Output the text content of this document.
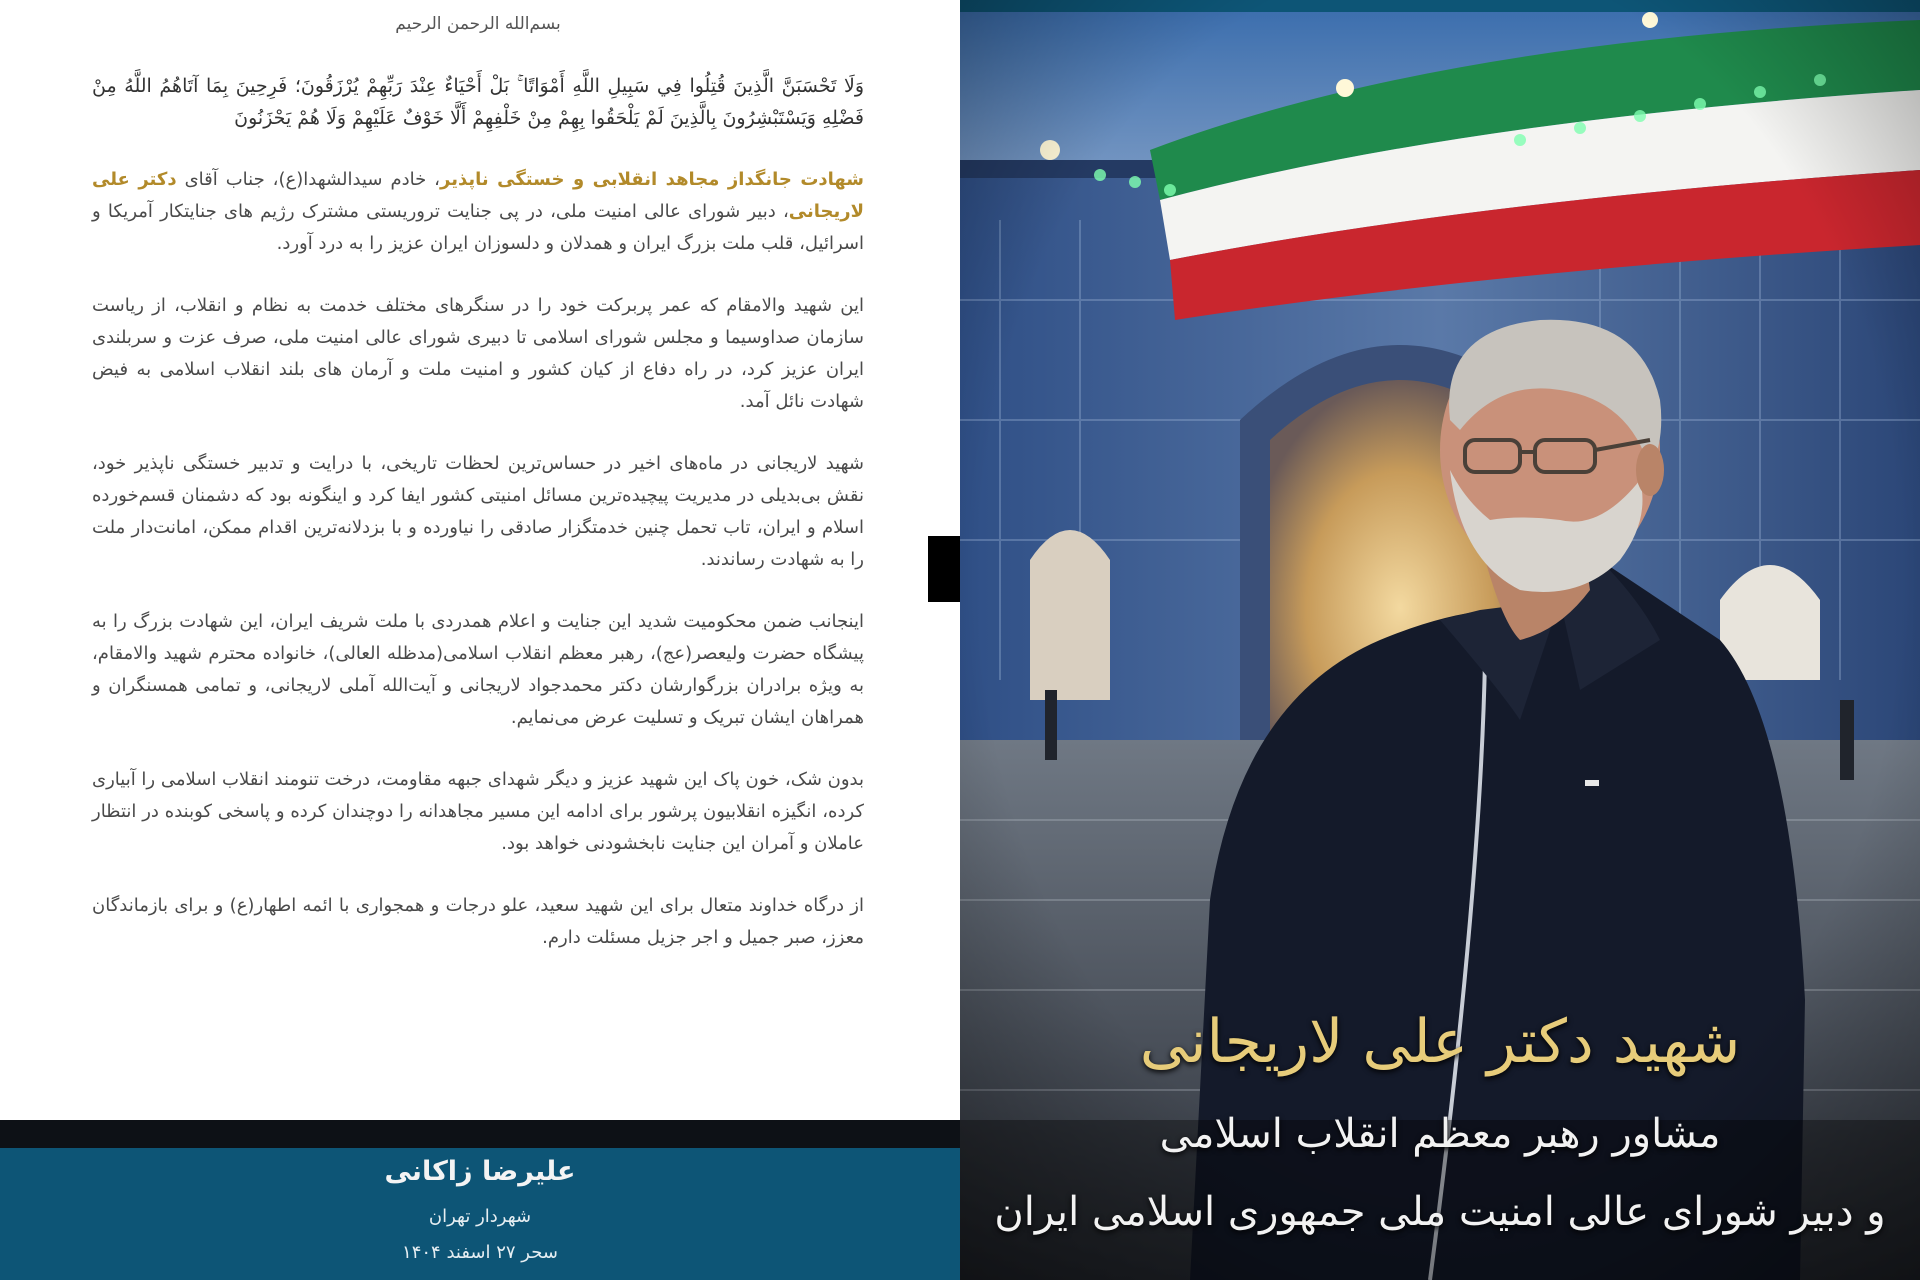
بسم‌الله الرحمن الرحیم

وَلَا تَحْسَبَنَّ الَّذِينَ قُتِلُوا فِي سَبِيلِ اللَّهِ أَمْوَاتًا ۚ بَلْ أَحْيَاءٌ عِنْدَ رَبِّهِمْ يُرْزَقُونَ؛ فَرِحِينَ بِمَا آتَاهُمُ اللَّهُ مِنْ فَضْلِهِ وَيَسْتَبْشِرُونَ بِالَّذِينَ لَمْ يَلْحَقُوا بِهِمْ مِنْ خَلْفِهِمْ أَلَّا خَوْفٌ عَلَيْهِمْ وَلَا هُمْ يَحْزَنُونَ

شهادت جانگداز مجاهد انقلابی و خستگی ناپذیر، خادم سیدالشهدا(ع)، جناب آقای دکتر علی لاریجانی، دبیر شورای عالی امنیت ملی، در پی جنایت تروریستی مشترک رژیم های جنایتکار آمریکا و اسرائیل، قلب ملت بزرگ ایران و همدلان و دلسوزان ایران عزیز را به درد آورد.

این شهید والامقام که عمر پربرکت خود را در سنگرهای مختلف خدمت به نظام و انقلاب، از ریاست سازمان صداوسیما و مجلس شورای اسلامی تا دبیری شورای عالی امنیت ملی، صرف عزت و سربلندی ایران عزیز کرد، در راه دفاع از کیان کشور و امنیت ملت و آرمان های بلند انقلاب اسلامی به فیض شهادت نائل آمد.

شهید لاریجانی در ماه‌های اخیر در حساس‌ترین لحظات تاریخی، با درایت و تدبیر خستگی ناپذیر خود، نقش بی‌بدیلی در مدیریت پیچیده‌ترین مسائل امنیتی کشور ایفا کرد و اینگونه بود که دشمنان قسم‌خورده اسلام و ایران، تاب تحمل چنین خدمتگزار صادقی را نیاورده و با بزدلانه‌ترین اقدام ممکن، امانت‌دار ملت را به شهادت رساندند.

اینجانب ضمن محکومیت شدید این جنایت و اعلام همدردی با ملت شریف ایران، این شهادت بزرگ را به پیشگاه حضرت ولیعصر(عج)، رهبر معظم انقلاب اسلامی(مدظله العالی)، خانواده محترم شهید والامقام، به ویژه برادران بزرگوارشان دکتر محمدجواد لاریجانی و آیت‌الله آملی لاریجانی، و تمامی همسنگران و همراهان ایشان تبریک و تسلیت عرض می‌نمایم.

بدون شک، خون پاک این شهید عزیز و دیگر شهدای جبهه مقاومت، درخت تنومند انقلاب اسلامی را آبیاری کرده، انگیزه انقلابیون پرشور برای ادامه این مسیر مجاهدانه را دوچندان کرده و پاسخی کوبنده در انتظار عاملان و آمران این جنایت نابخشودنی خواهد بود.

از درگاه خداوند متعال برای این شهید سعید، علو درجات و همجواری با ائمه اطهار(ع) و برای بازماندگان معزز، صبر جمیل و اجر جزیل مسئلت دارم.

علیرضا زاکانی
شهردار تهران
سحر ۲۷ اسفند ۱۴۰۴
شهید دکتر علی لاریجانی
مشاور رهبر معظم انقلاب اسلامی
و دبیر شورای عالی امنیت ملی جمهوری اسلامی ایران
